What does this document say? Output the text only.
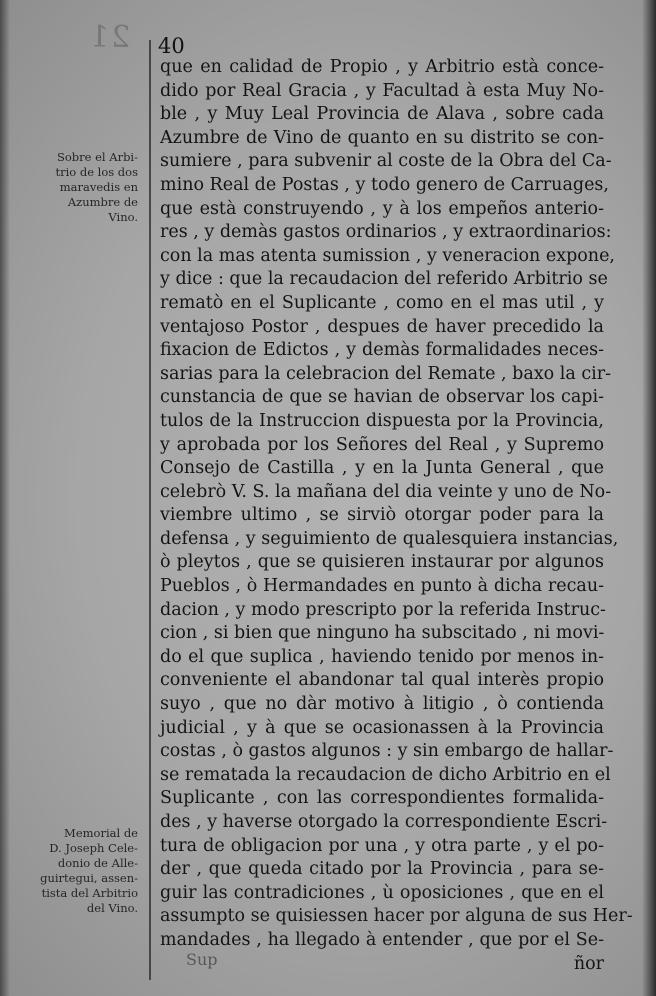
21 40
Sobre el Arbi-
trio de los dos
maravedis en
Azumbre de
Vino.
Memorial de
D. Joseph Cele-
donio de Alle-
guirtegui, assen-
tista del Arbitrio
del Vino.
que en calidad de Propio , y Arbitrio està conce-
dido por Real Gracia , y Facultad à esta Muy No-
ble , y Muy Leal Provincia de Alava , sobre cada
Azumbre de Vino de quanto en su distrito se con-
sumiere , para subvenir al coste de la Obra del Ca-
mino Real de Postas , y todo genero de Carruages,
que està construyendo , y à los empeños anterio-
res , y demàs gastos ordinarios , y extraordinarios:
con la mas atenta sumission , y veneracion expone,
y dice : que la recaudacion del referido Arbitrio se
rematò en el Suplicante , como en el mas util , y
ventajoso Postor , despues de haver precedido la
fixacion de Edictos , y demàs formalidades neces-
sarias para la celebracion del Remate , baxo la cir-
cunstancia de que se havian de observar los capi-
tulos de la Instruccion dispuesta por la Provincia,
y aprobada por los Señores del Real , y Supremo
Consejo de Castilla , y en la Junta General , que
celebrò V. S. la mañana del dia veinte y uno de No-
viembre ultimo , se sirviò otorgar poder para la
defensa , y seguimiento de qualesquiera instancias,
ò pleytos , que se quisieren instaurar por algunos
Pueblos , ò Hermandades en punto à dicha recau-
dacion , y modo prescripto por la referida Instruc-
cion , si bien que ninguno ha subscitado , ni movi-
do el que suplica , haviendo tenido por menos in-
conveniente el abandonar tal qual interès propio
suyo , que no dàr motivo à litigio , ò contienda
judicial , y à que se ocasionassen à la Provincia
costas , ò gastos algunos : y sin embargo de hallar-
se rematada la recaudacion de dicho Arbitrio en el
Suplicante , con las correspondientes formalida-
des , y haverse otorgado la correspondiente Escri-
tura de obligacion por una , y otra parte , y el po-
der , que queda citado por la Provincia , para se-
guir las contradiciones , ù oposiciones , que en el
assumpto se quisiessen hacer por alguna de sus Her-
mandades , ha llegado à entender , que por el Se-
ñor
Sup
